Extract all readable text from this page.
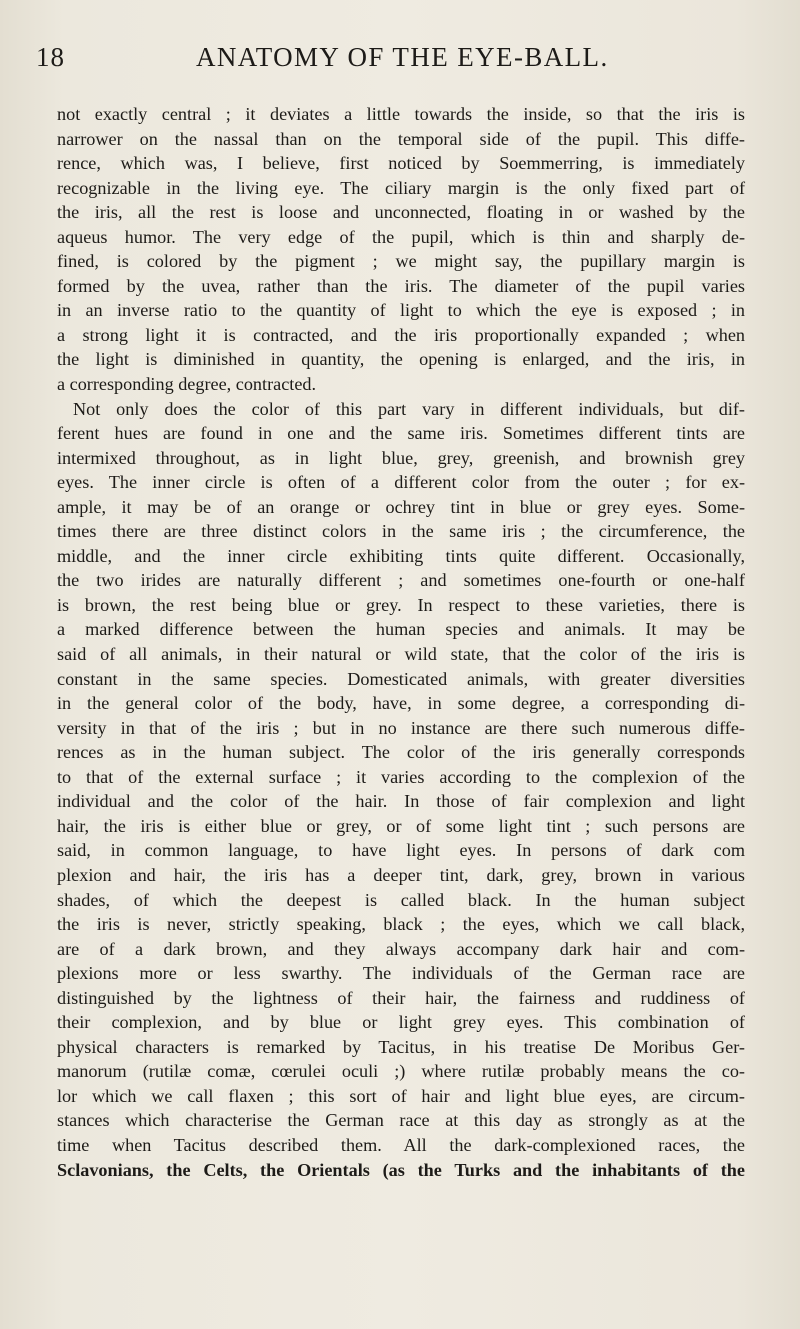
18	ANATOMY OF THE EYE-BALL.
not exactly central ; it deviates a little towards the inside, so that the iris is
narrower on the nassal than on the temporal side of the pupil. This diffe-
rence, which was, I believe, first noticed by Soemmerring, is immediately
recognizable in the living eye. The ciliary margin is the only fixed part of
the iris, all the rest is loose and unconnected, floating in or washed by the
aqueus humor. The very edge of the pupil, which is thin and sharply de-
fined, is colored by the pigment ; we might say, the pupillary margin is
formed by the uvea, rather than the iris. The diameter of the pupil varies
in an inverse ratio to the quantity of light to which the eye is exposed ; in
a strong light it is contracted, and the iris proportionally expanded ; when
the light is diminished in quantity, the opening is enlarged, and the iris, in
a corresponding degree, contracted.
Not only does the color of this part vary in different individuals, but dif-
ferent hues are found in one and the same iris. Sometimes different tints are
intermixed throughout, as in light blue, grey, greenish, and brownish grey
eyes. The inner circle is often of a different color from the outer ; for ex-
ample, it may be of an orange or ochrey tint in blue or grey eyes. Some-
times there are three distinct colors in the same iris ; the circumference, the
middle, and the inner circle exhibiting tints quite different. Occasionally,
the two irides are naturally different ; and sometimes one-fourth or one-half
is brown, the rest being blue or grey. In respect to these varieties, there is
a marked difference between the human species and animals. It may be
said of all animals, in their natural or wild state, that the color of the iris is
constant in the same species. Domesticated animals, with greater diversities
in the general color of the body, have, in some degree, a corresponding di-
versity in that of the iris ; but in no instance are there such numerous diffe-
rences as in the human subject. The color of the iris generally corresponds
to that of the external surface ; it varies according to the complexion of the
individual and the color of the hair. In those of fair complexion and light
hair, the iris is either blue or grey, or of some light tint ; such persons are
said, in common language, to have light eyes. In persons of dark com
plexion and hair, the iris has a deeper tint, dark, grey, brown in various
shades, of which the deepest is called black. In the human subject
the iris is never, strictly speaking, black ; the eyes, which we call black,
are of a dark brown, and they always accompany dark hair and com-
plexions more or less swarthy. The individuals of the German race are
distinguished by the lightness of their hair, the fairness and ruddiness of
their complexion, and by blue or light grey eyes. This combination of
physical characters is remarked by Tacitus, in his treatise De Moribus Ger-
manorum (rutilæ comæ, cœrulei oculi ;) where rutilæ probably means the co-
lor which we call flaxen ; this sort of hair and light blue eyes, are circum-
stances which characterise the German race at this day as strongly as at the
time when Tacitus described them. All the dark-complexioned races, the
Sclavonians, the Celts, the Orientals (as the Turks and the inhabitants of the
